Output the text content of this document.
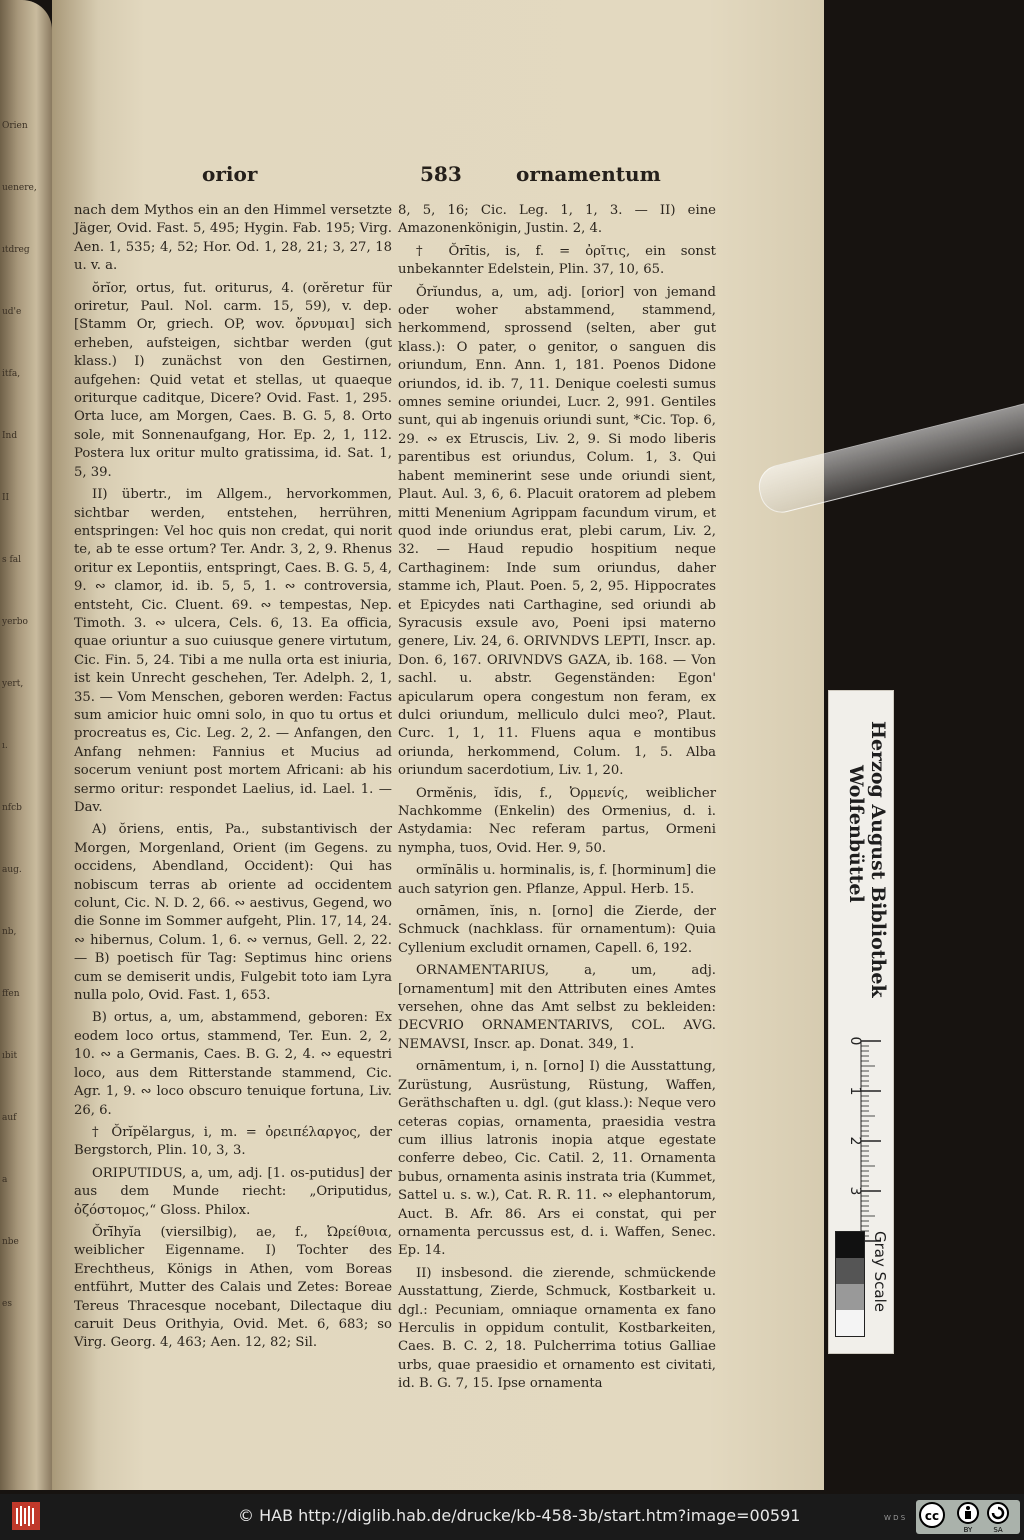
Orien
uenere,
ıtdreg
ud'e
itfa,
Ind
II
s fal
yerbo
yert,
ı.
nfcb
aug.
nb,
ffen
ıbit
auf
a
nbe
es
orior	583	ornamentum

nach dem Mythos ein an den Himmel versetzte Jäger, Ovid. Fast. 5, 495; Hygin. Fab. 195; Virg. Aen. 1, 535; 4, 52; Hor. Od. 1, 28, 21; 3, 27, 18 u. v. a.

ŏrĭor, ortus, fut. oriturus, 4. (orĕretur für oriretur, Paul. Nol. carm. 15, 59), v. dep. [Stamm Or, griech. OP, wov. ὄρνυμαι] sich erheben, aufsteigen, sichtbar werden (gut klass.) I) zunächst von den Gestirnen, aufgehen: Quid vetat et stellas, ut quaeque oriturque caditque, Dicere? Ovid. Fast. 1, 295. Orta luce, am Morgen, Caes. B. G. 5, 8. Orto sole, mit Sonnenaufgang, Hor. Ep. 2, 1, 112. Postera lux oritur multo gratissima, id. Sat. 1, 5, 39.

II) übertr., im Allgem., hervorkommen, sichtbar werden, entstehen, herrühren, entspringen: Vel hoc quis non credat, qui norit te, ab te esse ortum? Ter. Andr. 3, 2, 9. Rhenus oritur ex Lepontiis, entspringt, Caes. B. G. 5, 4, 9. ∾ clamor, id. ib. 5, 5, 1. ∾ controversia, entsteht, Cic. Cluent. 69. ∾ tempestas, Nep. Timoth. 3. ∾ ulcera, Cels. 6, 13. Ea officia, quae oriuntur a suo cuiusque genere virtutum, Cic. Fin. 5, 24. Tibi a me nulla orta est iniuria, ist kein Unrecht geschehen, Ter. Adelph. 2, 1, 35. — Vom Menschen, geboren werden: Factus sum amicior huic omni solo, in quo tu ortus et procreatus es, Cic. Leg. 2, 2. — Anfangen, den Anfang nehmen: Fannius et Mucius ad socerum veniunt post mortem Africani: ab his sermo oritur: respondet Laelius, id. Lael. 1. — Dav.

A) ŏriens, entis, Pa., substantivisch der Morgen, Morgenland, Orient (im Gegens. zu occidens, Abendland, Occident): Qui has nobiscum terras ab oriente ad occidentem colunt, Cic. N. D. 2, 66. ∾ aestivus, Gegend, wo die Sonne im Sommer aufgeht, Plin. 17, 14, 24. ∾ hibernus, Colum. 1, 6. ∾ vernus, Gell. 2, 22. — B) poetisch für Tag: Septimus hinc oriens cum se demiserit undis, Fulgebit toto iam Lyra nulla polo, Ovid. Fast. 1, 653.

B) ortus, a, um, abstammend, geboren: Ex eodem loco ortus, stammend, Ter. Eun. 2, 2, 10. ∾ a Germanis, Caes. B. G. 2, 4. ∾ equestri loco, aus dem Ritterstande stammend, Cic. Agr. 1, 9. ∾ loco obscuro tenuique fortuna, Liv. 26, 6.

† Ŏrĭpĕlargus, i, m. = ὀρειπέλαργος, der Bergstorch, Plin. 10, 3, 3.

ORIPUTIDUS, a, um, adj. [1. os-putidus] der aus dem Munde riecht: „Oriputidus, ὀζόστομος,“ Gloss. Philox.

Ŏrĭ̄hyĭa (viersilbig), ae, f., Ὠρείθυια, weiblicher Eigenname. I) Tochter des Erechtheus, Königs in Athen, vom Boreas entführt, Mutter des Calais und Zetes: Boreae Tereus Thracesque nocebant, Dilectaque diu caruit Deus Orithyia, Ovid. Met. 6, 683; so Virg. Georg. 4, 463; Aen. 12, 82; Sil.

8, 5, 16; Cic. Leg. 1, 1, 3. — II) eine Amazonenkönigin, Justin. 2, 4.

† Ŏrītis, is, f. = ὀρῖτις, ein sonst unbekannter Edelstein, Plin. 37, 10, 65.

Ŏrĭundus, a, um, adj. [orior] von jemand oder woher abstammend, stammend, herkommend, sprossend (selten, aber gut klass.): O pater, o genitor, o sanguen dis oriundum, Enn. Ann. 1, 181. Poenos Didone oriundos, id. ib. 7, 11. Denique coelesti sumus omnes semine oriundei, Lucr. 2, 991. Gentiles sunt, qui ab ingenuis oriundi sunt, *Cic. Top. 6, 29. ∾ ex Etruscis, Liv. 2, 9. Si modo liberis parentibus est oriundus, Colum. 1, 3. Qui habent meminerint sese unde oriundi sient, Plaut. Aul. 3, 6, 6. Placuit oratorem ad plebem mitti Menenium Agrippam facundum virum, et quod inde oriundus erat, plebi carum, Liv. 2, 32. — Haud repudio hospitium neque Carthaginem: Inde sum oriundus, daher stamme ich, Plaut. Poen. 5, 2, 95. Hippocrates et Epicydes nati Carthagine, sed oriundi ab Syracusis exsule avo, Poeni ipsi materno genere, Liv. 24, 6. ORIVNDVS LEPTI, Inscr. ap. Don. 6, 167. ORIVNDVS GAZA, ib. 168. — Von sachl. u. abstr. Gegenständen: Egon' apicularum opera congestum non feram, ex dulci oriundum, melliculo dulci meo?, Plaut. Curc. 1, 1, 11. Fluens aqua e montibus oriunda, herkommend, Colum. 1, 5. Alba oriundum sacerdotium, Liv. 1, 20.

Ormĕnis, ĭdis, f., Ὀρμενίς, weiblicher Nachkomme (Enkelin) des Ormenius, d. i. Astydamia: Nec referam partus, Ormeni nympha, tuos, Ovid. Her. 9, 50.

ormĭnālis u. horminalis, is, f. [horminum] die auch satyrion gen. Pflanze, Appul. Herb. 15.

ornāmen, ĭnis, n. [orno] die Zierde, der Schmuck (nachklass. für ornamentum): Quia Cyllenium excludit ornamen, Capell. 6, 192.

ORNAMENTARIUS, a, um, adj. [ornamentum] mit den Attributen eines Amtes versehen, ohne das Amt selbst zu bekleiden: DECVRIO ORNAMENTARIVS, COL. AVG. NEMAVSI, Inscr. ap. Donat. 349, 1.

ornāmentum, i, n. [orno] I) die Ausstattung, Zurüstung, Ausrüstung, Rüstung, Waffen, Geräthschaften u. dgl. (gut klass.): Neque vero ceteras copias, ornamenta, praesidia vestra cum illius latronis inopia atque egestate conferre debeo, Cic. Catil. 2, 11. Ornamenta bubus, ornamenta asinis instrata tria (Kummet, Sattel u. s. w.), Cat. R. R. 11. ∾ elephantorum, Auct. B. Afr. 86. Ars ei constat, qui per ornamenta percussus est, d. i. Waffen, Senec. Ep. 14.

II) insbesond. die zierende, schmückende Ausstattung, Zierde, Schmuck, Kostbarkeit u. dgl.: Pecuniam, omniaque ornamenta ex fano Herculis in oppidum contulit, Kostbarkeiten, Caes. B. C. 2, 18. Pulcherrima totius Galliae urbs, quae praesidio et ornamento est civitati, id. B. G. 7, 15. Ipse ornamenta

Herzog August Bibliothek
Wolfenbüttel
0
1
2
3
Gray Scale
© HAB http://diglib.hab.de/drucke/kb-458-3b/start.htm?image=00591	W D S cc
BY	SA
